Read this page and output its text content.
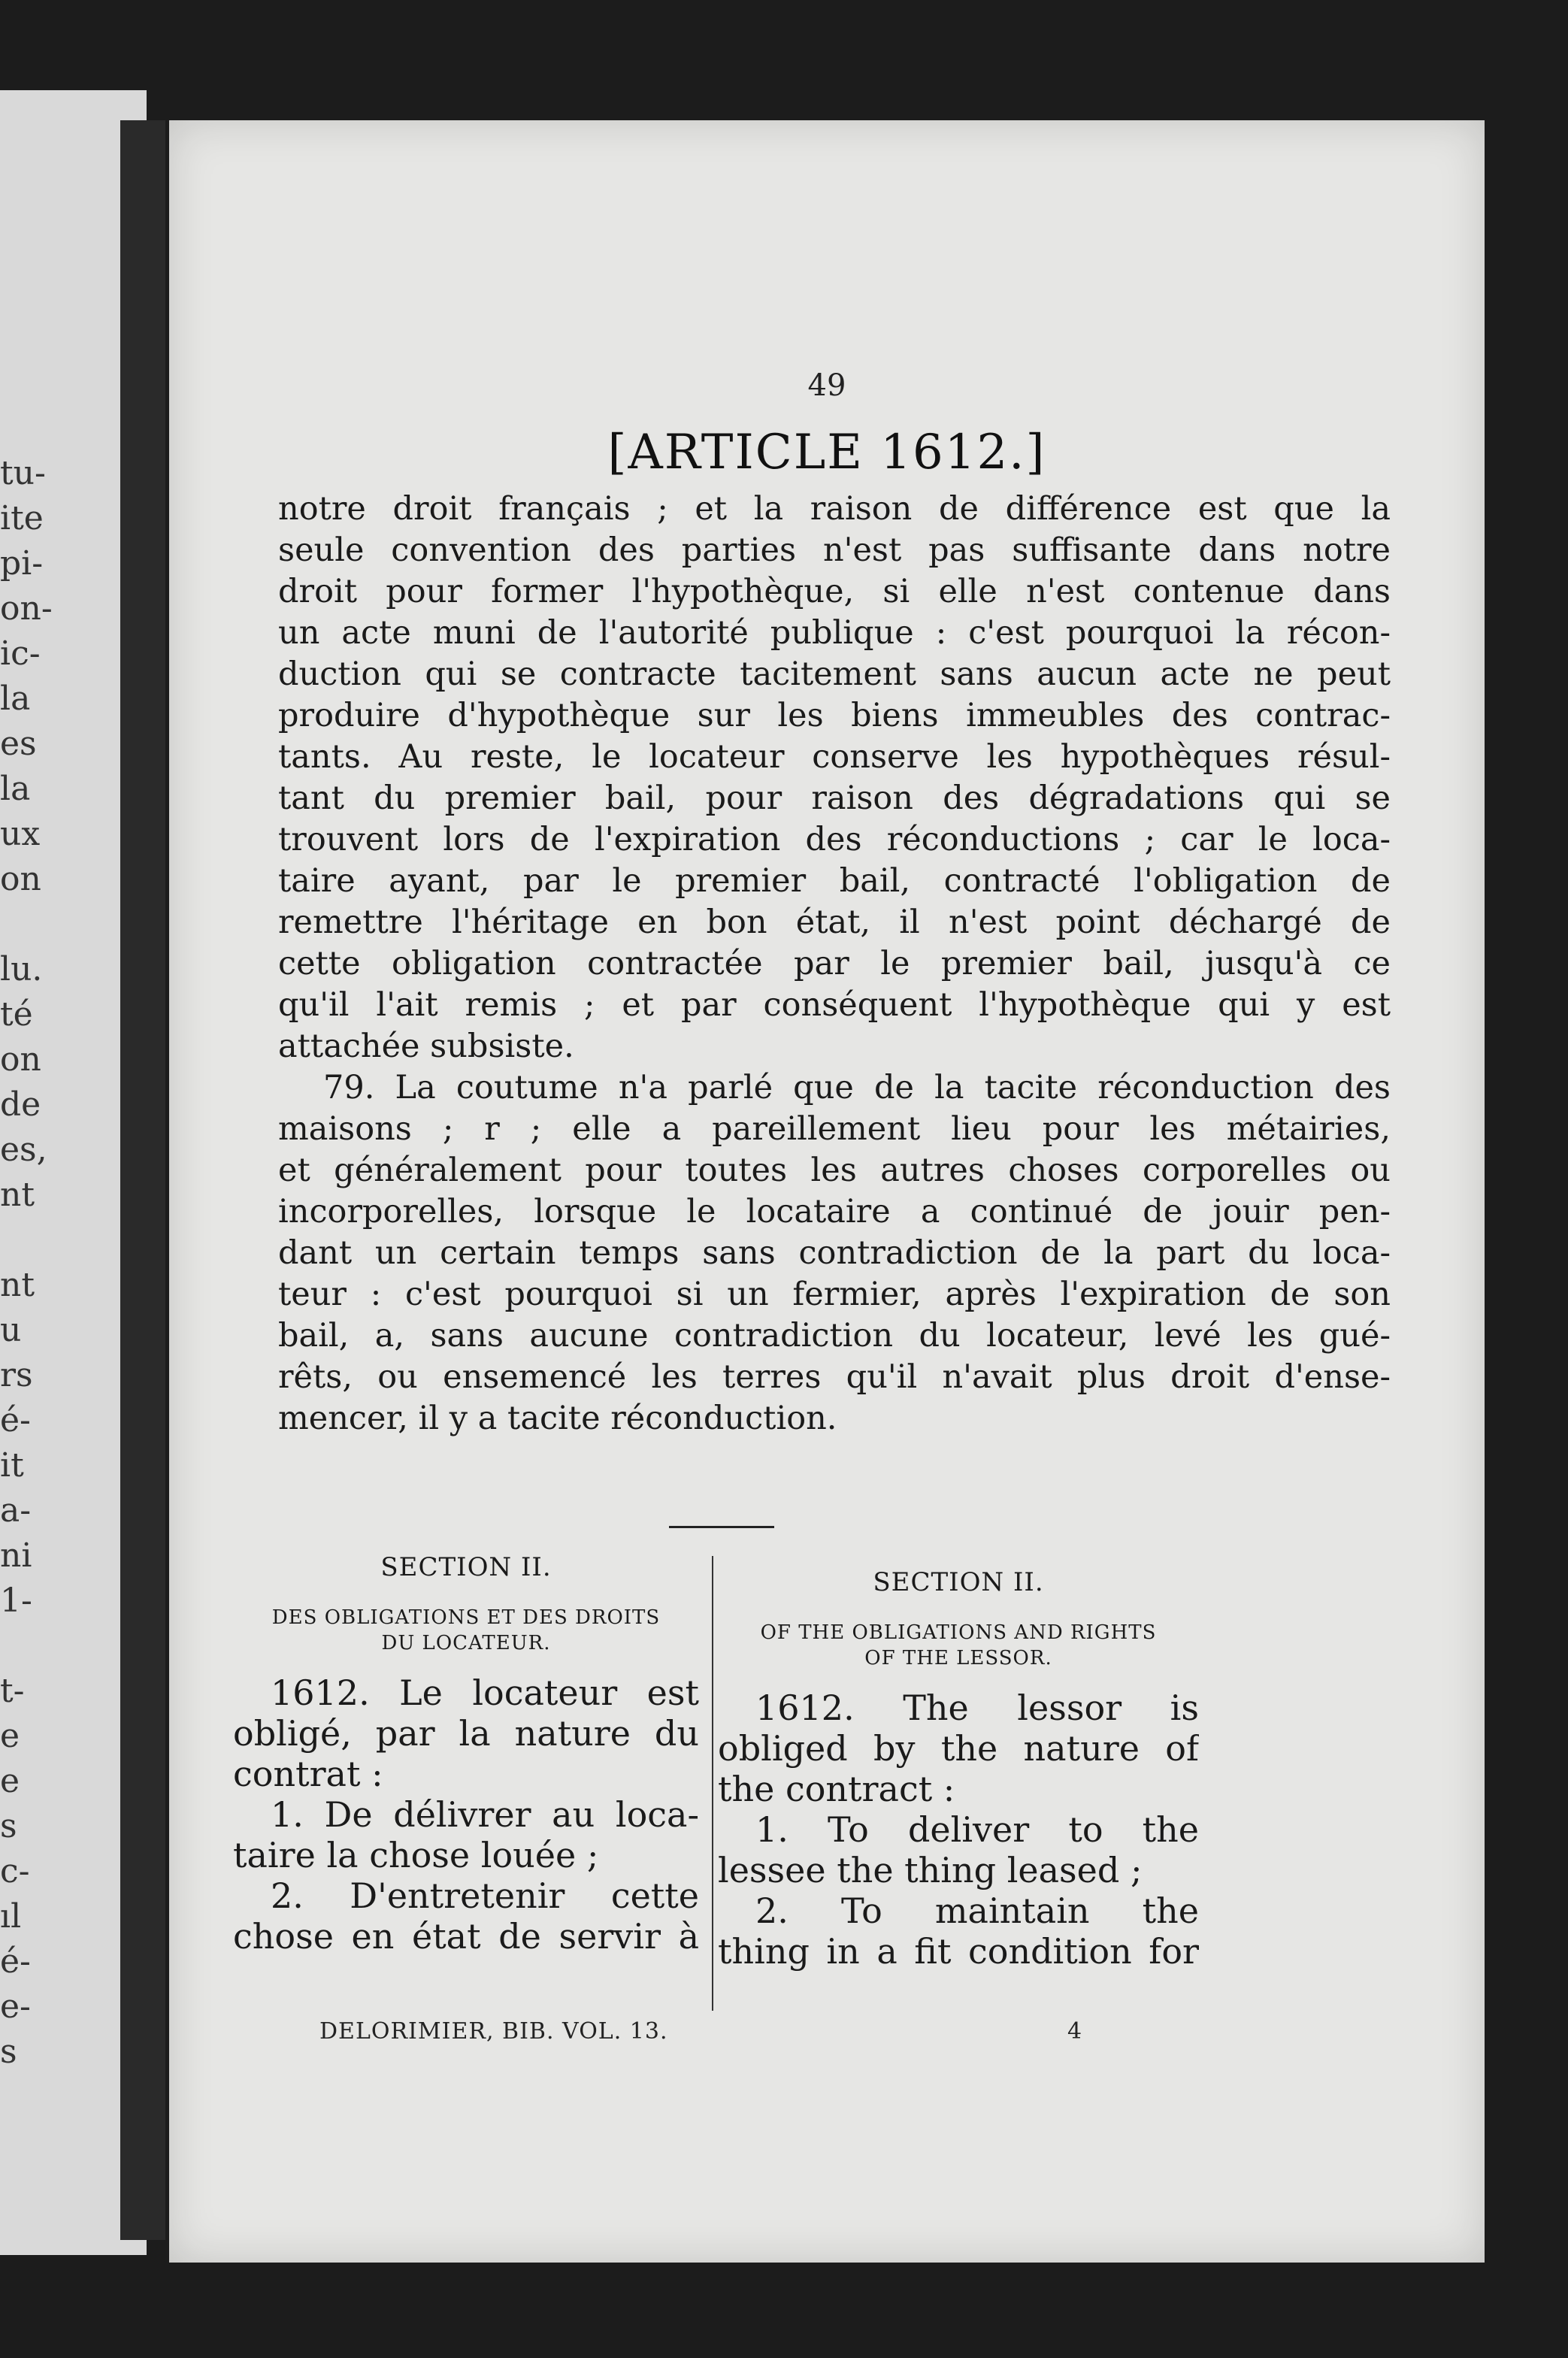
tu-
ite
pi-
on-
ic-
la
es
la
ux
on
lu.
té
on
de
es,
nt
nt
u
rs
é-
it
a-
ni
1-
t-
e
e
s
c-
ıl
é-
e-
s
49
[ARTICLE 1612.]
notre droit français ; et la raison de différence est que la
seule convention des parties n'est pas suffisante dans notre
droit pour former l'hypothèque, si elle n'est contenue dans
un acte muni de l'autorité publique : c'est pourquoi la récon-
duction qui se contracte tacitement sans aucun acte ne peut
produire d'hypothèque sur les biens immeubles des contrac-
tants. Au reste, le locateur conserve les hypothèques résul-
tant du premier bail, pour raison des dégradations qui se
trouvent lors de l'expiration des réconductions ; car le loca-
taire ayant, par le premier bail, contracté l'obligation de
remettre l'héritage en bon état, il n'est point déchargé de
cette obligation contractée par le premier bail, jusqu'à ce
qu'il l'ait remis ; et par conséquent l'hypothèque qui y est
attachée subsiste.
79. La coutume n'a parlé que de la tacite réconduction des
maisons ; r ; elle a pareillement lieu pour les métairies,
et généralement pour toutes les autres choses corporelles ou
incorporelles, lorsque le locataire a continué de jouir pen-
dant un certain temps sans contradiction de la part du loca-
teur : c'est pourquoi si un fermier, après l'expiration de son
bail, a, sans aucune contradiction du locateur, levé les gué-
rêts, ou ensemencé les terres qu'il n'avait plus droit d'ense-
mencer, il y a tacite réconduction.
SECTION II.
DES OBLIGATIONS ET DES DROITS
DU LOCATEUR.
1612. Le locateur est
obligé, par la nature du
contrat :
1. De délivrer au loca-
taire la chose louée ;
2. D'entretenir cette
chose en état de servir à
SECTION II.
OF THE OBLIGATIONS AND RIGHTS
OF THE LESSOR.
1612. The lessor is
obliged by the nature of
the contract :
1. To deliver to the
lessee the thing leased ;
2. To maintain the
thing in a fit condition for
DELORIMIER, BIB. VOL. 13.	4
